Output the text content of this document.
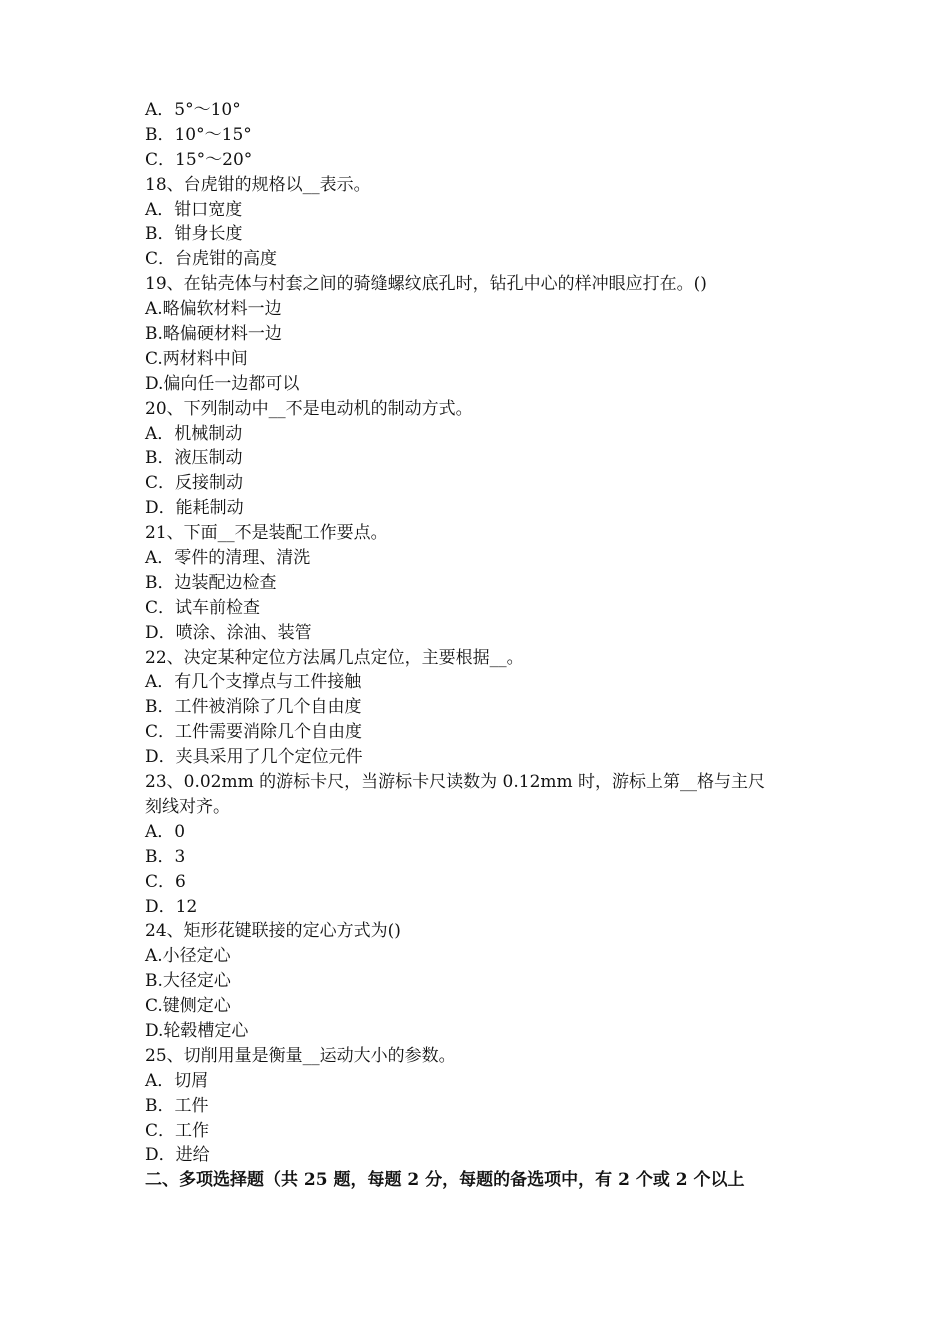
A．5°～10°
B．10°～15°
C．15°～20°
18、台虎钳的规格以__表示。
A．钳口宽度
B．钳身长度
C．台虎钳的高度
19、在钻壳体与村套之间的骑缝螺纹底孔时，钻孔中心的样冲眼应打在。()
A.略偏软材料一边
B.略偏硬材料一边
C.两材料中间
D.偏向任一边都可以
20、下列制动中__不是电动机的制动方式。
A．机械制动
B．液压制动
C．反接制动
D．能耗制动
21、下面__不是装配工作要点。
A．零件的清理、清洗
B．边装配边检查
C．试车前检查
D．喷涂、涂油、装管
22、决定某种定位方法属几点定位，主要根据__。
A．有几个支撑点与工件接触
B．工件被消除了几个自由度
C．工件需要消除几个自由度
D．夹具采用了几个定位元件
23、0.02mm 的游标卡尺，当游标卡尺读数为 0.12mm 时，游标上第__格与主尺
刻线对齐。
A．0
B．3
C．6
D．12
24、矩形花键联接的定心方式为()
A.小径定心
B.大径定心
C.键侧定心
D.轮毂槽定心
25、切削用量是衡量__运动大小的参数。
A．切屑
B．工件
C．工作
D．进给
二、多项选择题（共 25 题，每题 2 分，每题的备选项中，有 2 个或 2 个以上
